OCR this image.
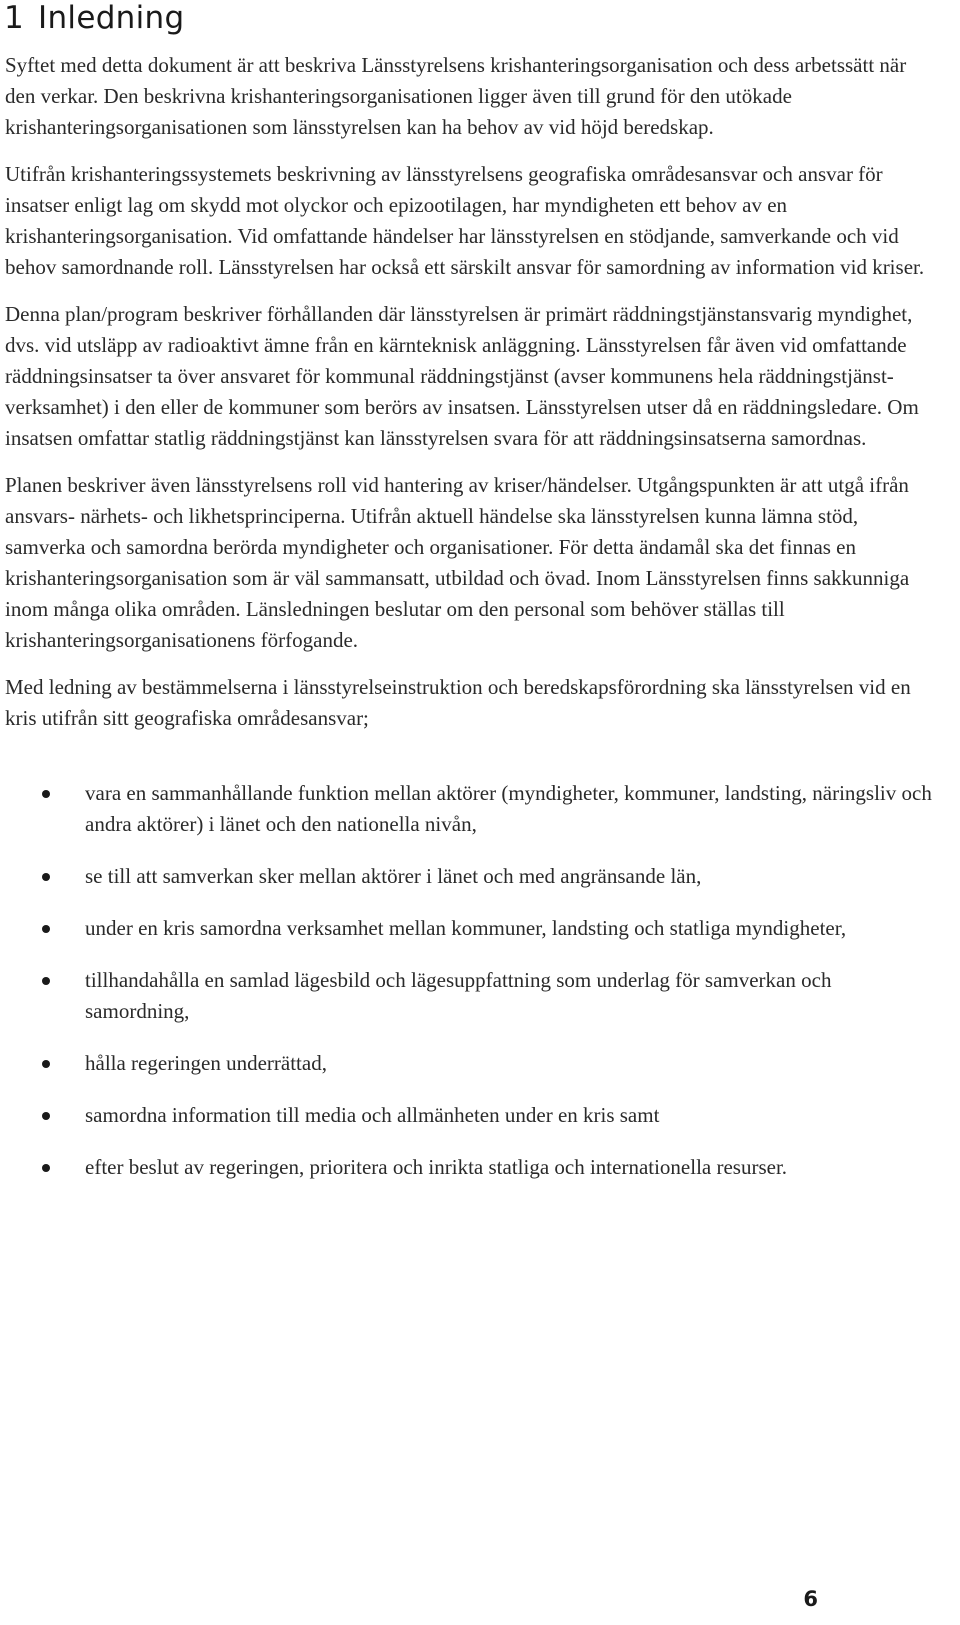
1 Inledning

Syftet med detta dokument är att beskriva Länsstyrelsens krishanteringsorganisation och dess arbetssätt när den verkar. Den beskrivna krishanteringsorganisationen ligger även till grund för den utökade krishanteringsorganisationen som länsstyrelsen kan ha behov av vid höjd beredskap.

Utifrån krishanteringssystemets beskrivning av länsstyrelsens geografiska områdesansvar och ansvar för insatser enligt lag om skydd mot olyckor och epizootilagen, har myndigheten ett behov av en krishanteringsorganisation. Vid omfattande händelser har länsstyrelsen en stödjande, samverkande och vid behov samordnande roll. Länsstyrelsen har också ett särskilt ansvar för samordning av information vid kriser.

Denna plan/program beskriver förhållanden där länsstyrelsen är primärt räddningstjänstansvarig myndighet, dvs. vid utsläpp av radioaktivt ämne från en kärnteknisk anläggning. Länsstyrelsen får även vid omfattande räddningsinsatser ta över ansvaret för kommunal räddningstjänst (avser kommunens hela räddningstjänst- verksamhet) i den eller de kommuner som berörs av insatsen. Länsstyrelsen utser då en räddningsledare. Om insatsen omfattar statlig räddningstjänst kan länsstyrelsen svara för att räddningsinsatserna samordnas.

Planen beskriver även länsstyrelsens roll vid hantering av kriser/händelser. Utgångspunkten är att utgå ifrån ansvars- närhets- och likhetsprinciperna. Utifrån aktuell händelse ska länsstyrelsen kunna lämna stöd, samverka och samordna berörda myndigheter och organisationer. För detta ändamål ska det finnas en krishanteringsorganisation som är väl sammansatt, utbildad och övad. Inom Länsstyrelsen finns sakkunniga inom många olika områden. Länsledningen beslutar om den personal som behöver ställas till krishanteringsorganisationens förfogande.

Med ledning av bestämmelserna i länsstyrelseinstruktion och beredskapsförordning ska länsstyrelsen vid en kris utifrån sitt geografiska områdesansvar;

vara en sammanhållande funktion mellan aktörer (myndigheter, kommuner, landsting, näringsliv och andra aktörer) i länet och den nationella nivån,
se till att samverkan sker mellan aktörer i länet och med angränsande län,
under en kris samordna verksamhet mellan kommuner, landsting och statliga myndigheter,
tillhandahålla en samlad lägesbild och lägesuppfattning som underlag för samverkan och samordning,
hålla regeringen underrättad,
samordna information till media och allmänheten under en kris samt
efter beslut av regeringen, prioritera och inrikta statliga och internationella resurser.
6
